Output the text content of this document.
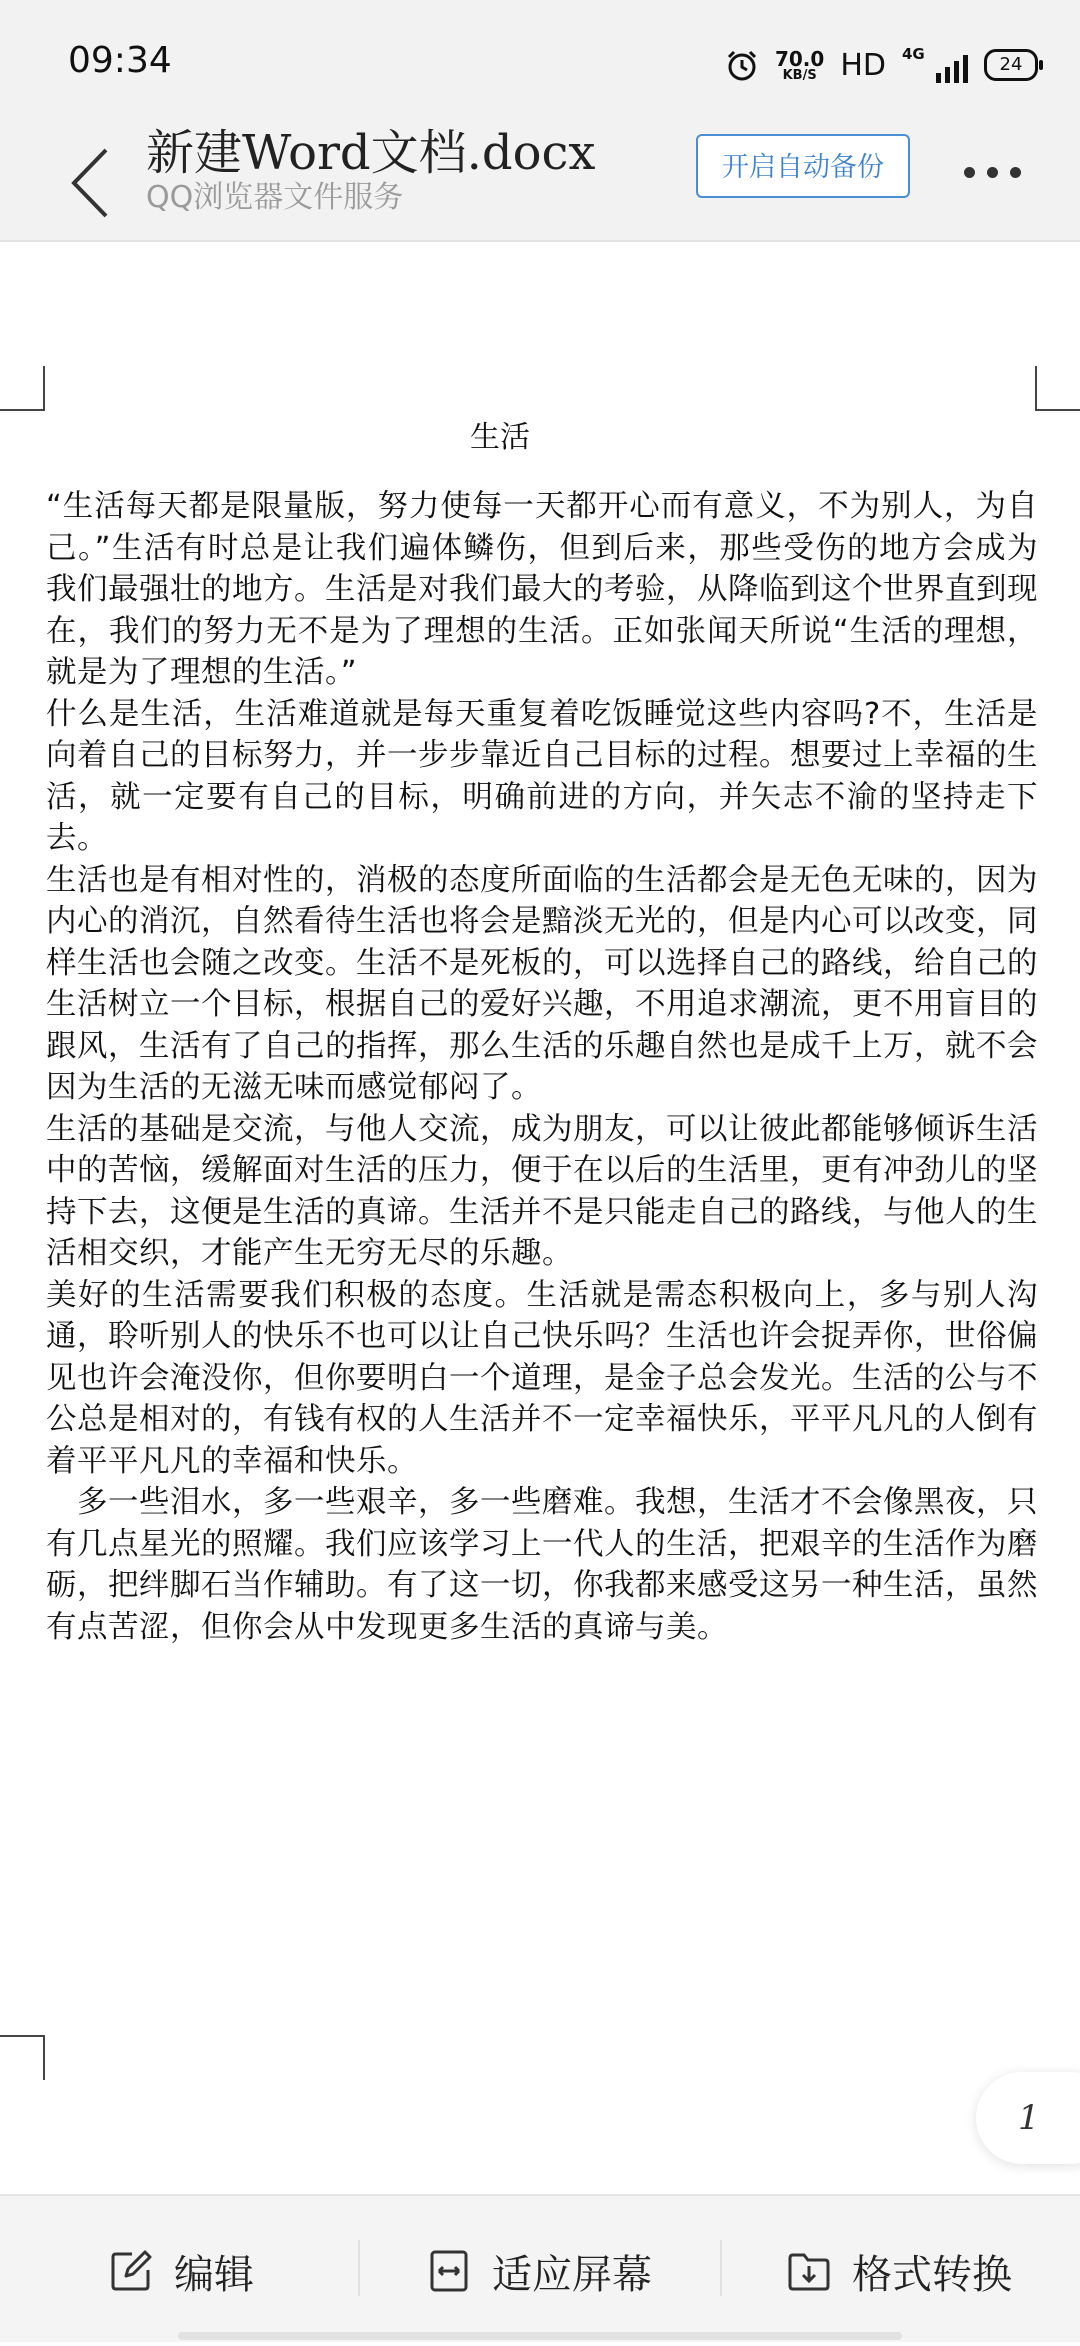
09:34	70.0
KB/S HD 4G	24
新建Word文档.docx
QQ浏览器文件服务
开启自动备份
生活

“生活每天都是限量版，努力使每一天都开心而有意义，不为别人，为自己。”生活有时总是让我们遍体鳞伤，但到后来，那些受伤的地方会成为我们最强壮的地方。生活是对我们最大的考验，从降临到这个世界直到现在，我们的努力无不是为了理想的生活。正如张闻天所说“生活的理想，就是为了理想的生活。”

什么是生活，生活难道就是每天重复着吃饭睡觉这些内容吗?不，生活是向着自己的目标努力，并一步步靠近自己目标的过程。想要过上幸福的生活，就一定要有自己的目标，明确前进的方向，并矢志不渝的坚持走下去。

生活也是有相对性的，消极的态度所面临的生活都会是无色无味的，因为内心的消沉，自然看待生活也将会是黯淡无光的，但是内心可以改变，同样生活也会随之改变。生活不是死板的，可以选择自己的路线，给自己的生活树立一个目标，根据自己的爱好兴趣，不用追求潮流，更不用盲目的跟风，生活有了自己的指挥，那么生活的乐趣自然也是成千上万，就不会因为生活的无滋无味而感觉郁闷了。

生活的基础是交流，与他人交流，成为朋友，可以让彼此都能够倾诉生活中的苦恼，缓解面对生活的压力，便于在以后的生活里，更有冲劲儿的坚持下去，这便是生活的真谛。生活并不是只能走自己的路线，与他人的生活相交织，才能产生无穷无尽的乐趣。

美好的生活需要我们积极的态度。生活就是需态积极向上，多与别人沟通，聆听别人的快乐不也可以让自己快乐吗？生活也许会捉弄你，世俗偏见也许会淹没你，但你要明白一个道理，是金子总会发光。生活的公与不公总是相对的，有钱有权的人生活并不一定幸福快乐，平平凡凡的人倒有着平平凡凡的幸福和快乐。

　多一些泪水，多一些艰辛，多一些磨难。我想，生活才不会像黑夜，只有几点星光的照耀。我们应该学习上一代人的生活，把艰辛的生活作为磨砺，把绊脚石当作辅助。有了这一切，你我都来感受这另一种生活，虽然有点苦涩，但你会从中发现更多生活的真谛与美。

1
编辑	适应屏幕	格式转换
